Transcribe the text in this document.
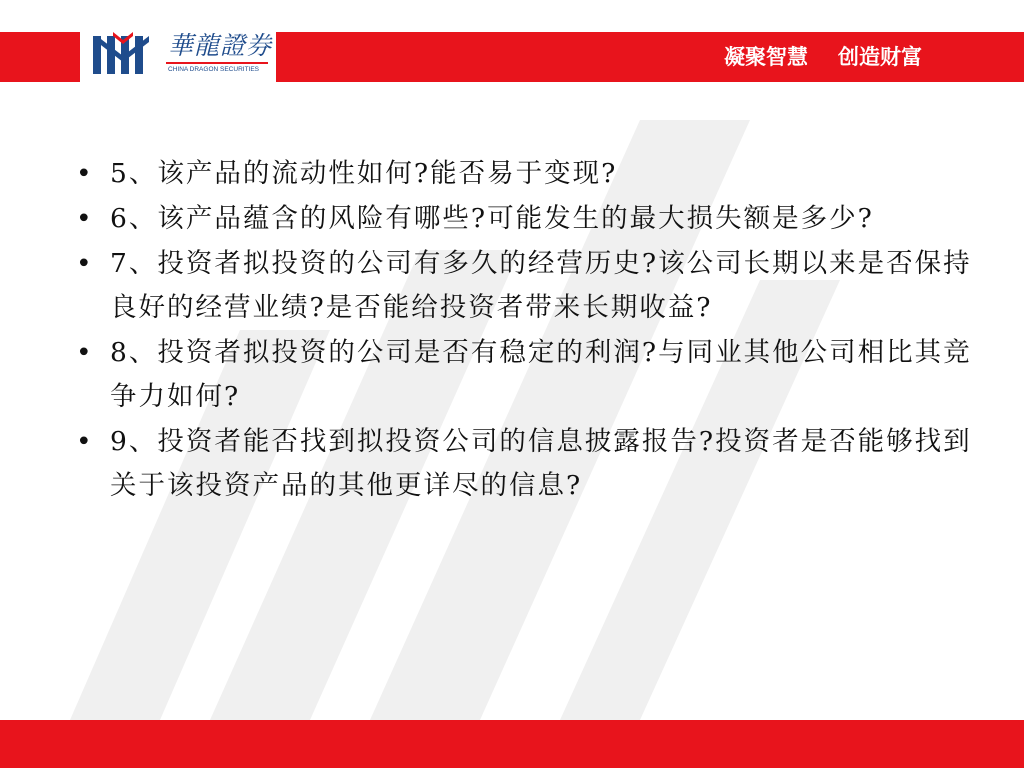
華龍證券
CHINA DRAGON SECURITIES
凝聚智慧 创造财富
• 5、该产品的流动性如何?能否易于变现?
• 6、该产品蕴含的风险有哪些?可能发生的最大损失额是多少?
• 7、投资者拟投资的公司有多久的经营历史?该公司长期以来是否保持良好的经营业绩?是否能给投资者带来长期收益?
• 8、投资者拟投资的公司是否有稳定的利润?与同业其他公司相比其竞争力如何?
• 9、投资者能否找到拟投资公司的信息披露报告?投资者是否能够找到关于该投资产品的其他更详尽的信息?
